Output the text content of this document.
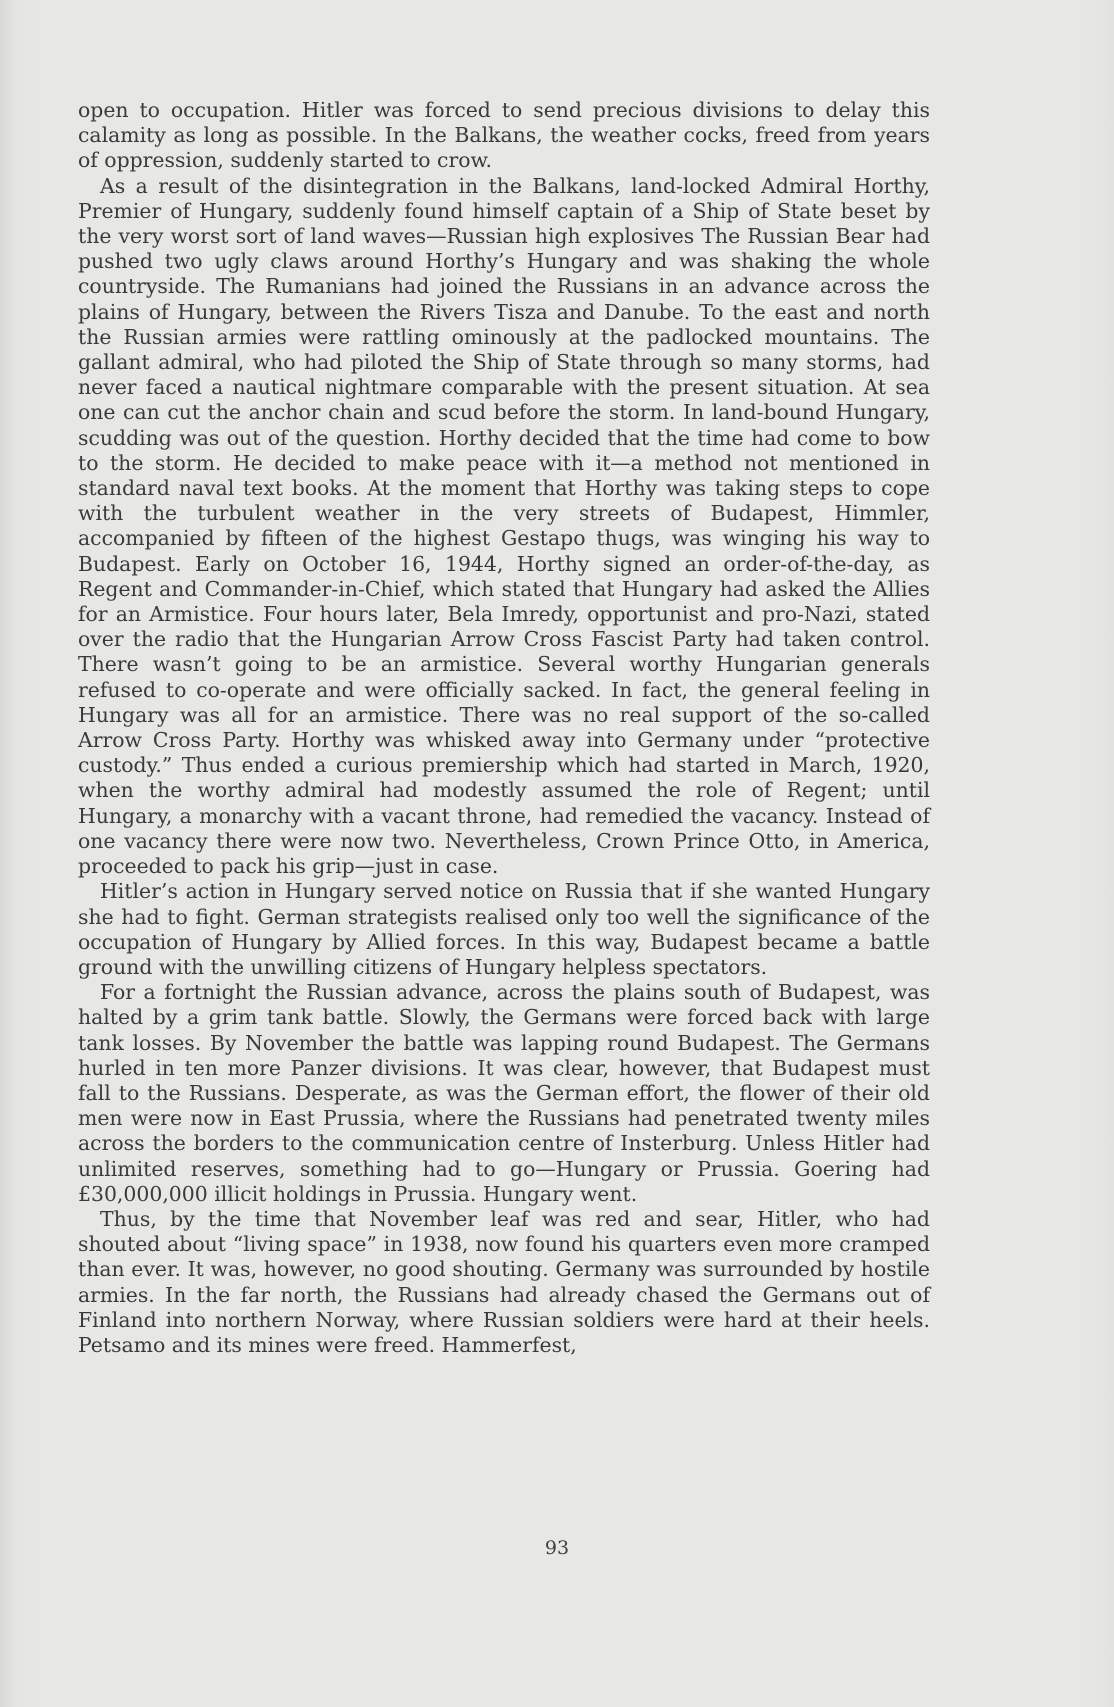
open to occupation. Hitler was forced to send precious divisions to delay this calamity as long as possible. In the Balkans, the weather cocks, freed from years of oppression, suddenly started to crow.

As a result of the disintegration in the Balkans, land-locked Admiral Horthy, Premier of Hungary, suddenly found himself captain of a Ship of State beset by the very worst sort of land waves—Russian high explosives The Russian Bear had pushed two ugly claws around Horthy’s Hungary and was shaking the whole countryside. The Rumanians had joined the Russians in an advance across the plains of Hungary, between the Rivers Tisza and Danube. To the east and north the Russian armies were rattling ominously at the padlocked mountains. The gallant admiral, who had piloted the Ship of State through so many storms, had never faced a nautical nightmare comparable with the present situation. At sea one can cut the anchor chain and scud before the storm. In land-bound Hungary, scudding was out of the question. Horthy decided that the time had come to bow to the storm. He decided to make peace with it—a method not mentioned in standard naval text books. At the moment that Horthy was taking steps to cope with the turbulent weather in the very streets of Budapest, Himmler, accompanied by fifteen of the highest Gestapo thugs, was winging his way to Budapest. Early on October 16, 1944, Horthy signed an order-of-the-day, as Regent and Commander-in-Chief, which stated that Hungary had asked the Allies for an Armistice. Four hours later, Bela Imredy, opportunist and pro-Nazi, stated over the radio that the Hungarian Arrow Cross Fascist Party had taken control. There wasn’t going to be an armistice. Several worthy Hungarian generals refused to co-operate and were officially sacked. In fact, the general feeling in Hungary was all for an armistice. There was no real support of the so-called Arrow Cross Party. Horthy was whisked away into Germany under “protective custody.” Thus ended a curious premiership which had started in March, 1920, when the worthy admiral had modestly assumed the role of Regent; until Hungary, a monarchy with a vacant throne, had remedied the vacancy. Instead of one vacancy there were now two. Nevertheless, Crown Prince Otto, in America, proceeded to pack his grip—just in case.

Hitler’s action in Hungary served notice on Russia that if she wanted Hungary she had to fight. German strategists realised only too well the significance of the occupation of Hungary by Allied forces. In this way, Budapest became a battle ground with the unwilling citizens of Hungary helpless spectators.

For a fortnight the Russian advance, across the plains south of Budapest, was halted by a grim tank battle. Slowly, the Germans were forced back with large tank losses. By November the battle was lapping round Budapest. The Germans hurled in ten more Panzer divisions. It was clear, however, that Budapest must fall to the Russians. Desperate, as was the German effort, the flower of their old men were now in East Prussia, where the Russians had penetrated twenty miles across the borders to the communication centre of Insterburg. Unless Hitler had unlimited reserves, something had to go—Hungary or Prussia. Goering had £30,000,000 illicit holdings in Prussia. Hungary went.

Thus, by the time that November leaf was red and sear, Hitler, who had shouted about “living space” in 1938, now found his quarters even more cramped than ever. It was, however, no good shouting. Germany was surrounded by hostile armies. In the far north, the Russians had already chased the Germans out of Finland into northern Norway, where Russian soldiers were hard at their heels. Petsamo and its mines were freed. Hammerfest,

93
